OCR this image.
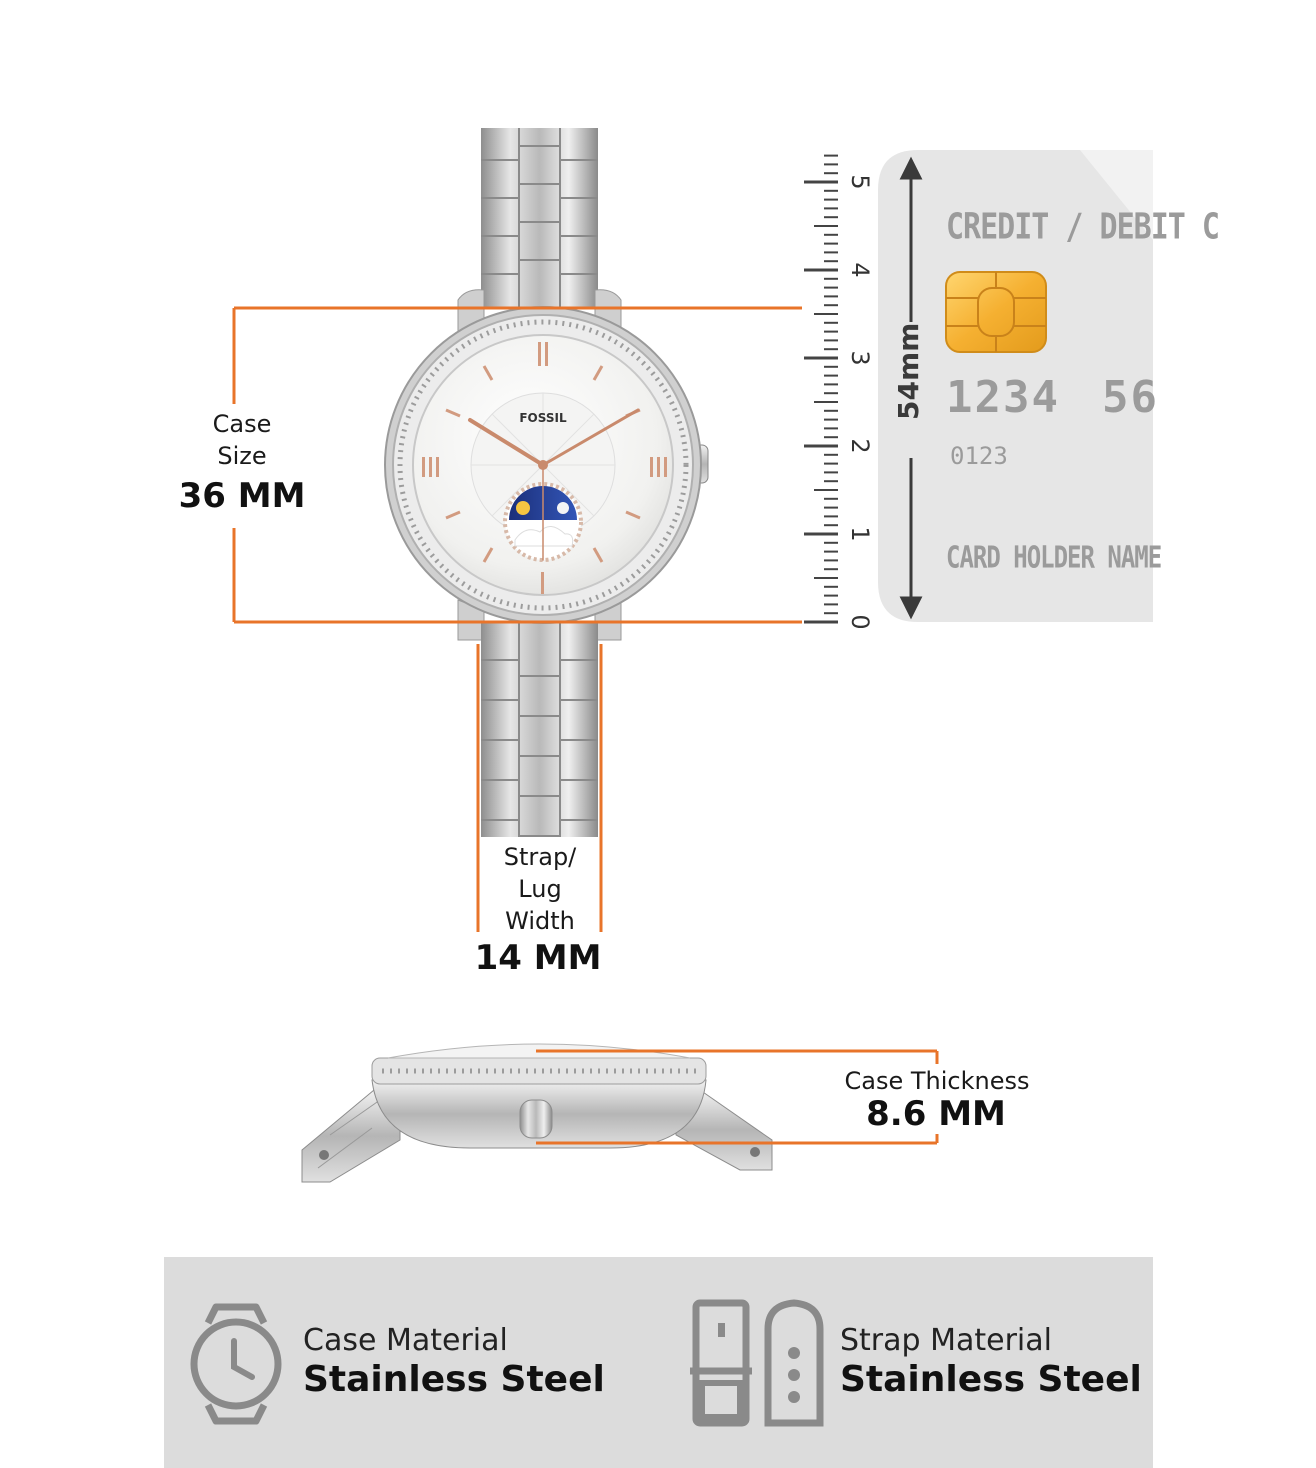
FOSSIL
0
1
2
3
4
5
Case
Size
36 MM
Strap/
Lug
Width
14 MM
Case Thickness
8.6 MM
CREDIT / DEBIT C
1234 56
0123
CARD HOLDER NAME
54mm
Case Material
Stainless Steel
Strap Material
Stainless Steel
